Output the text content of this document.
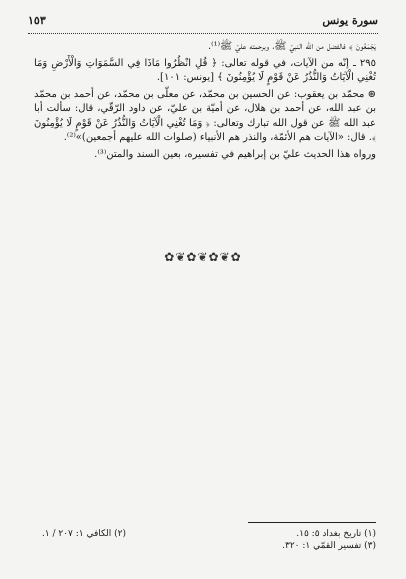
سورة يونس
١٥٣

يَجْمَعُونَ ﴾ فالفضل من الله النبيّ ﷺ، وبرحمته عليّ ﷺ⁽¹⁾.

٢٩٥ ـ إنّه من الآيات، في قوله تعالى: ﴿ قُلِ انْظُرُوا مَاذَا فِي السَّمَوَاتِ وَالْأَرْضِ وَمَا تُغْنِي الْآيَاتُ وَالنُّذُرُ عَنْ قَوْمٍ لَا يُؤْمِنُونَ ﴾ [يونس: ١٠١].

⊛ محمّد بن يعقوب: عن الحسين بن محمّد، عن معلّى بن محمّد، عن أحمد بن محمّد بن عبد الله، عن أحمد بن هلال، عن أميّة بن عليّ، عن داود الرّقّي، قال: سألت أبا عبد الله ﷺ عن قول الله تبارك وتعالى: ﴿ وَمَا تُغْنِي الْآيَاتُ وَالنُّذُرُ عَنْ قَوْمٍ لَا يُؤْمِنُونَ ﴾. قال: «الآيات هم الأئمّة، والنذر هم الأنبياء (صلوات الله عليهم أجمعين)»⁽²⁾.

ورواه هذا الحديث عليّ بن إبراهيم في تفسيره، بعين السند والمتن⁽³⁾.

✿❦✿❦✿❦✿
(١) تاريخ بغداد ٥: ١٥.
(٢) الكافي ١: ٢٠٧ / ١.
(٣) تفسير القمّي ١: ٣٢٠.
